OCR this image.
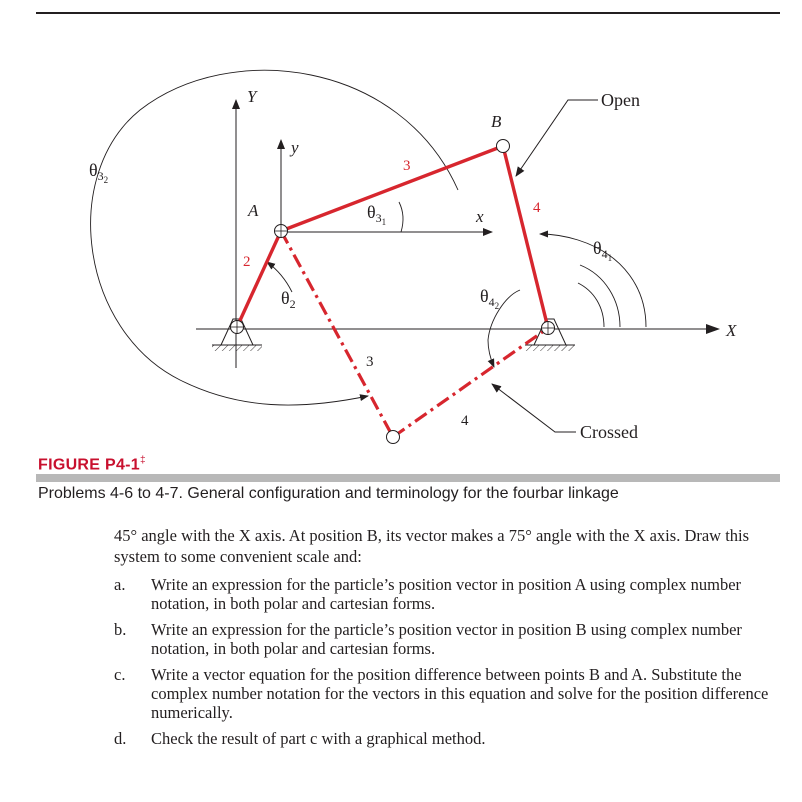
Y
y
x
X
A
B
2
3
4
3
4
$\theta_32$
$\theta_31$
$\theta_2$
$\theta_41$
$\theta_42$
Open
Crossed
FIGURE P4-1‡
Problems 4-6 to 4-7. General configuration and terminology for the fourbar linkage
45° angle with the X axis. At position B, its vector makes a 75° angle with the X axis. Draw this system to some convenient scale and:
a. Write an expression for the particle’s position vector in position A using complex number notation, in both polar and cartesian forms.
b. Write an expression for the particle’s position vector in position B using complex number notation, in both polar and cartesian forms.
c. Write a vector equation for the position difference between points B and A. Substitute the complex number notation for the vectors in this equation and solve for the position difference numerically.
d. Check the result of part c with a graphical method.
